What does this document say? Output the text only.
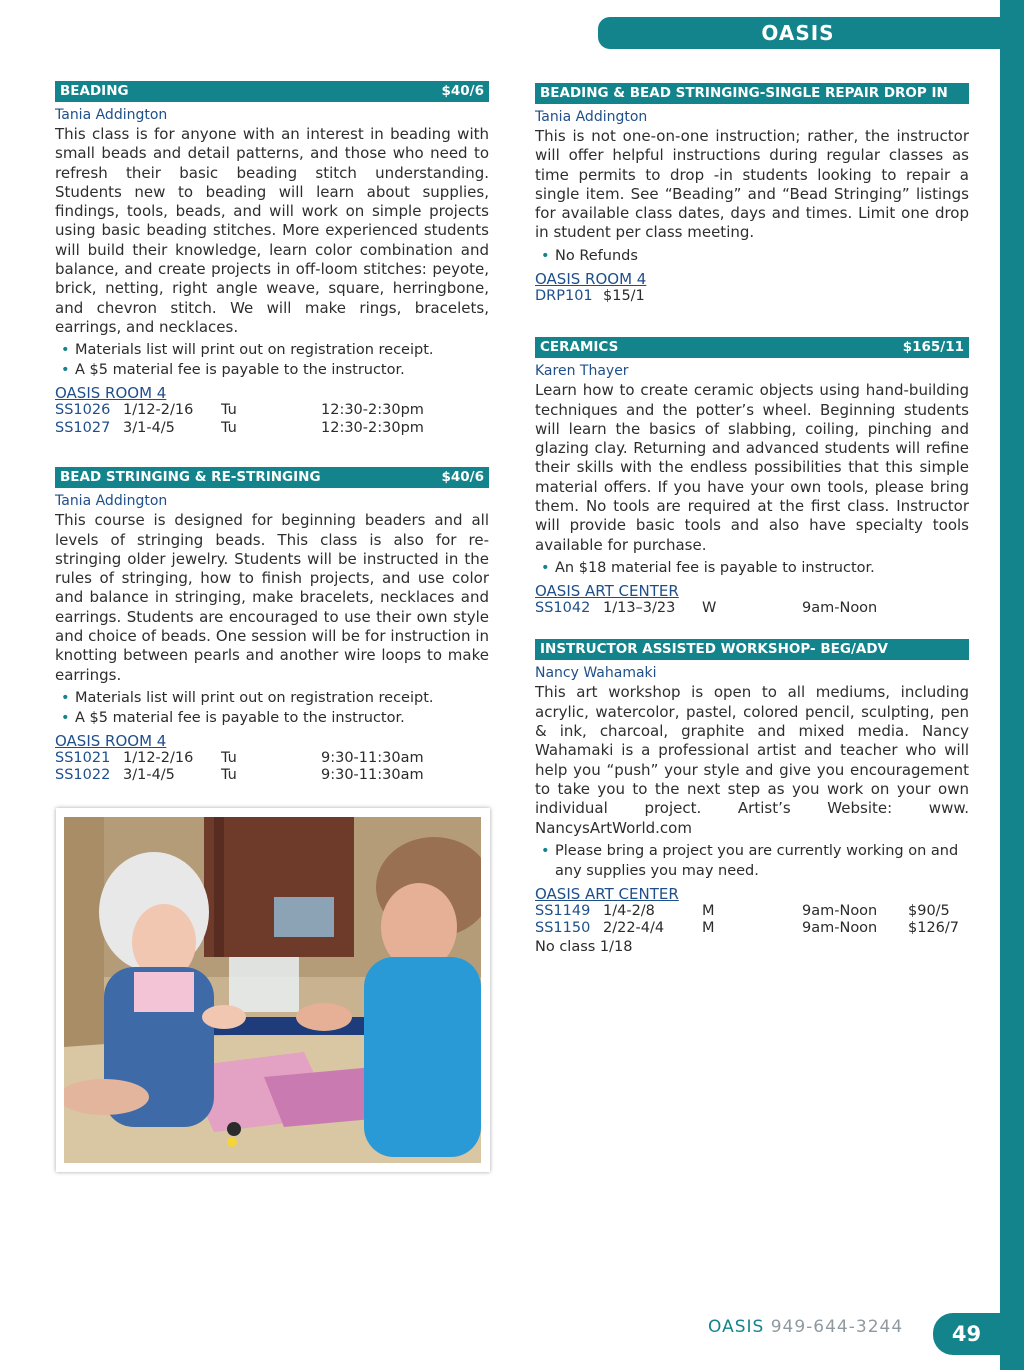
OASIS
BEADING	$40/6
Tania Addington

This class is for anyone with an interest in beading with small beads and detail patterns, and those who need to refresh their basic beading stitch understanding. Students new to beading will learn about supplies, findings, tools, beads, and will work on simple projects using basic beading stitches. More experienced students will build their knowledge, learn color combination and balance, and create projects in off-loom stitches: peyote, brick, netting, right angle weave, square, herringbone, and chevron stitch. We will make rings, bracelets, earrings, and necklaces.

• Materials list will print out on registration receipt.
• A $5 material fee is payable to the instructor.
OASIS ROOM 4
SS1026 1/12-2/16	Tu	12:30-2:30pm
SS1027 3/1-4/5	Tu	12:30-2:30pm
BEAD STRINGING & RE-STRINGING	$40/6
Tania Addington

This course is designed for beginning beaders and all levels of stringing beads. This class is also for re-stringing older jewelry. Students will be instructed in the rules of stringing, how to finish projects, and use color and balance in stringing, make bracelets, necklaces and earrings. Students are encouraged to use their own style and choice of beads. One session will be for instruction in knotting between pearls and another wire loops to make earrings.

• Materials list will print out on registration receipt.
• A $5 material fee is payable to the instructor.
OASIS ROOM 4
SS1021 1/12-2/16	Tu	9:30-11:30am
SS1022 3/1-4/5	Tu	9:30-11:30am
BEADING & BEAD STRINGING-SINGLE REPAIR DROP IN
Tania Addington

This is not one-on-one instruction; rather, the instructor will offer helpful instructions during regular classes as time permits to drop -in students looking to repair a single item. See “Beading” and “Bead Stringing” listings for available class dates, days and times. Limit one drop in student per class meeting.

• No Refunds
OASIS ROOM 4
DRP101 $15/1
CERAMICS	$165/11
Karen Thayer

Learn how to create ceramic objects using hand-building techniques and the potter’s wheel. Beginning students will learn the basics of slabbing, coiling, pinching and glazing clay. Returning and advanced students will refine their skills with the endless possibilities that this simple material offers. If you have your own tools, please bring them. No tools are required at the first class. Instructor will provide basic tools and also have specialty tools available for purchase.

• An $18 material fee is payable to instructor.
OASIS ART CENTER
SS1042 1/13–3/23	W	9am-Noon
INSTRUCTOR ASSISTED WORKSHOP- BEG/ADV
Nancy Wahamaki

This art workshop is open to all mediums, including acrylic, watercolor, pastel, colored pencil, sculpting, pen & ink, charcoal, graphite and mixed media. Nancy Wahamaki is a professional artist and teacher who will help you “push” your style and give you encouragement to take you to the next step as you work on your own individual project. Artist’s Website: www. NancysArtWorld.com

• Please bring a project you are currently working on and any supplies you may need.
OASIS ART CENTER
SS1149 1/4-2/8	M	9am-Noon	$90/5
SS1150 2/22-4/4	M	9am-Noon	$126/7
No class 1/18
OASIS 949-644-3244 49
